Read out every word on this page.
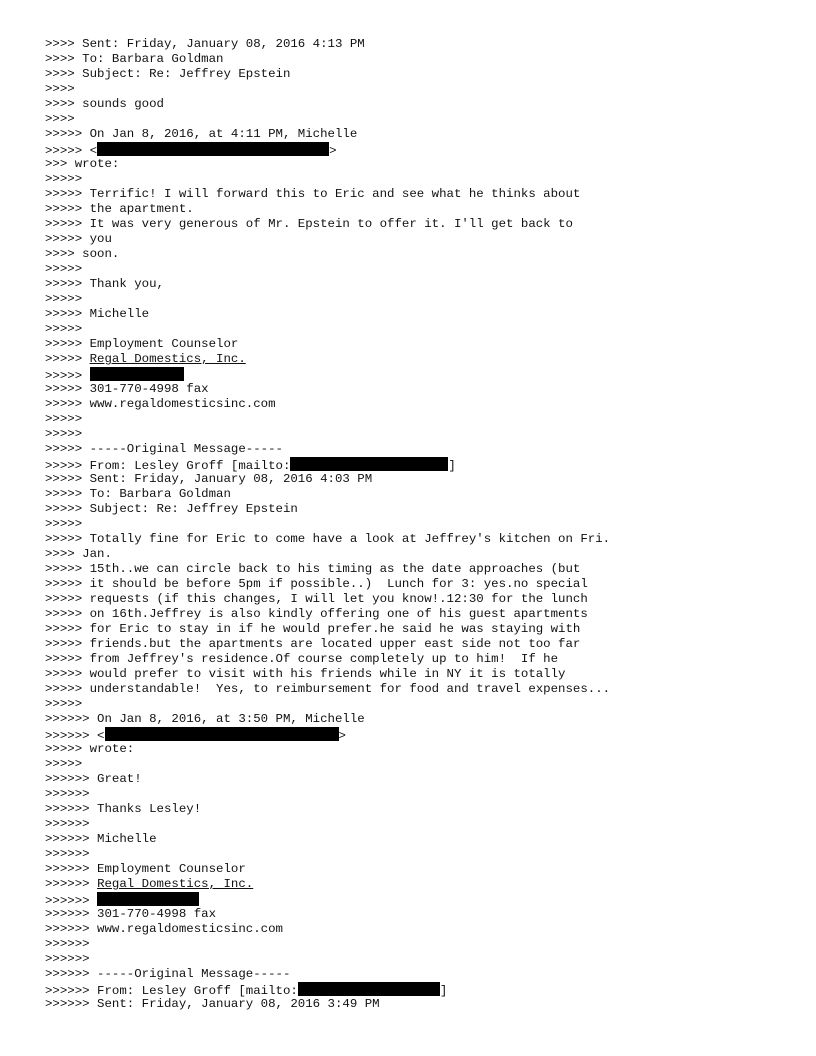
>>>> Sent: Friday, January 08, 2016 4:13 PM
>>>> To: Barbara Goldman
>>>> Subject: Re: Jeffrey Epstein
>>>>
>>>> sounds good
>>>>
>>>>> On Jan 8, 2016, at 4:11 PM, Michelle
>>>>> <	>
>>> wrote:
>>>>>
>>>>> Terrific! I will forward this to Eric and see what he thinks about
>>>>> the apartment.
>>>>> It was very generous of Mr. Epstein to offer it. I'll get back to
>>>>> you
>>>> soon.
>>>>>
>>>>> Thank you,
>>>>>
>>>>> Michelle
>>>>>
>>>>> Employment Counselor
>>>>> Regal Domestics, Inc.
>>>>>
>>>>> 301-770-4998 fax
>>>>> www.regaldomesticsinc.com
>>>>>
>>>>>
>>>>> -----Original Message-----
>>>>> From: Lesley Groff [mailto:	]
>>>>> Sent: Friday, January 08, 2016 4:03 PM
>>>>> To: Barbara Goldman
>>>>> Subject: Re: Jeffrey Epstein
>>>>>
>>>>> Totally fine for Eric to come have a look at Jeffrey's kitchen on Fri.
>>>> Jan.
>>>>> 15th..we can circle back to his timing as the date approaches (but
>>>>> it should be before 5pm if possible..)  Lunch for 3: yes.no special
>>>>> requests (if this changes, I will let you know!.12:30 for the lunch
>>>>> on 16th.Jeffrey is also kindly offering one of his guest apartments
>>>>> for Eric to stay in if he would prefer.he said he was staying with
>>>>> friends.but the apartments are located upper east side not too far
>>>>> from Jeffrey's residence.Of course completely up to him!  If he
>>>>> would prefer to visit with his friends while in NY it is totally
>>>>> understandable!  Yes, to reimbursement for food and travel expenses...
>>>>>
>>>>>> On Jan 8, 2016, at 3:50 PM, Michelle
>>>>>> <	>
>>>>> wrote:
>>>>>
>>>>>> Great!
>>>>>>
>>>>>> Thanks Lesley!
>>>>>>
>>>>>> Michelle
>>>>>>
>>>>>> Employment Counselor
>>>>>> Regal Domestics, Inc.
>>>>>>
>>>>>> 301-770-4998 fax
>>>>>> www.regaldomesticsinc.com
>>>>>>
>>>>>>
>>>>>> -----Original Message-----
>>>>>> From: Lesley Groff [mailto:	]
>>>>>> Sent: Friday, January 08, 2016 3:49 PM
